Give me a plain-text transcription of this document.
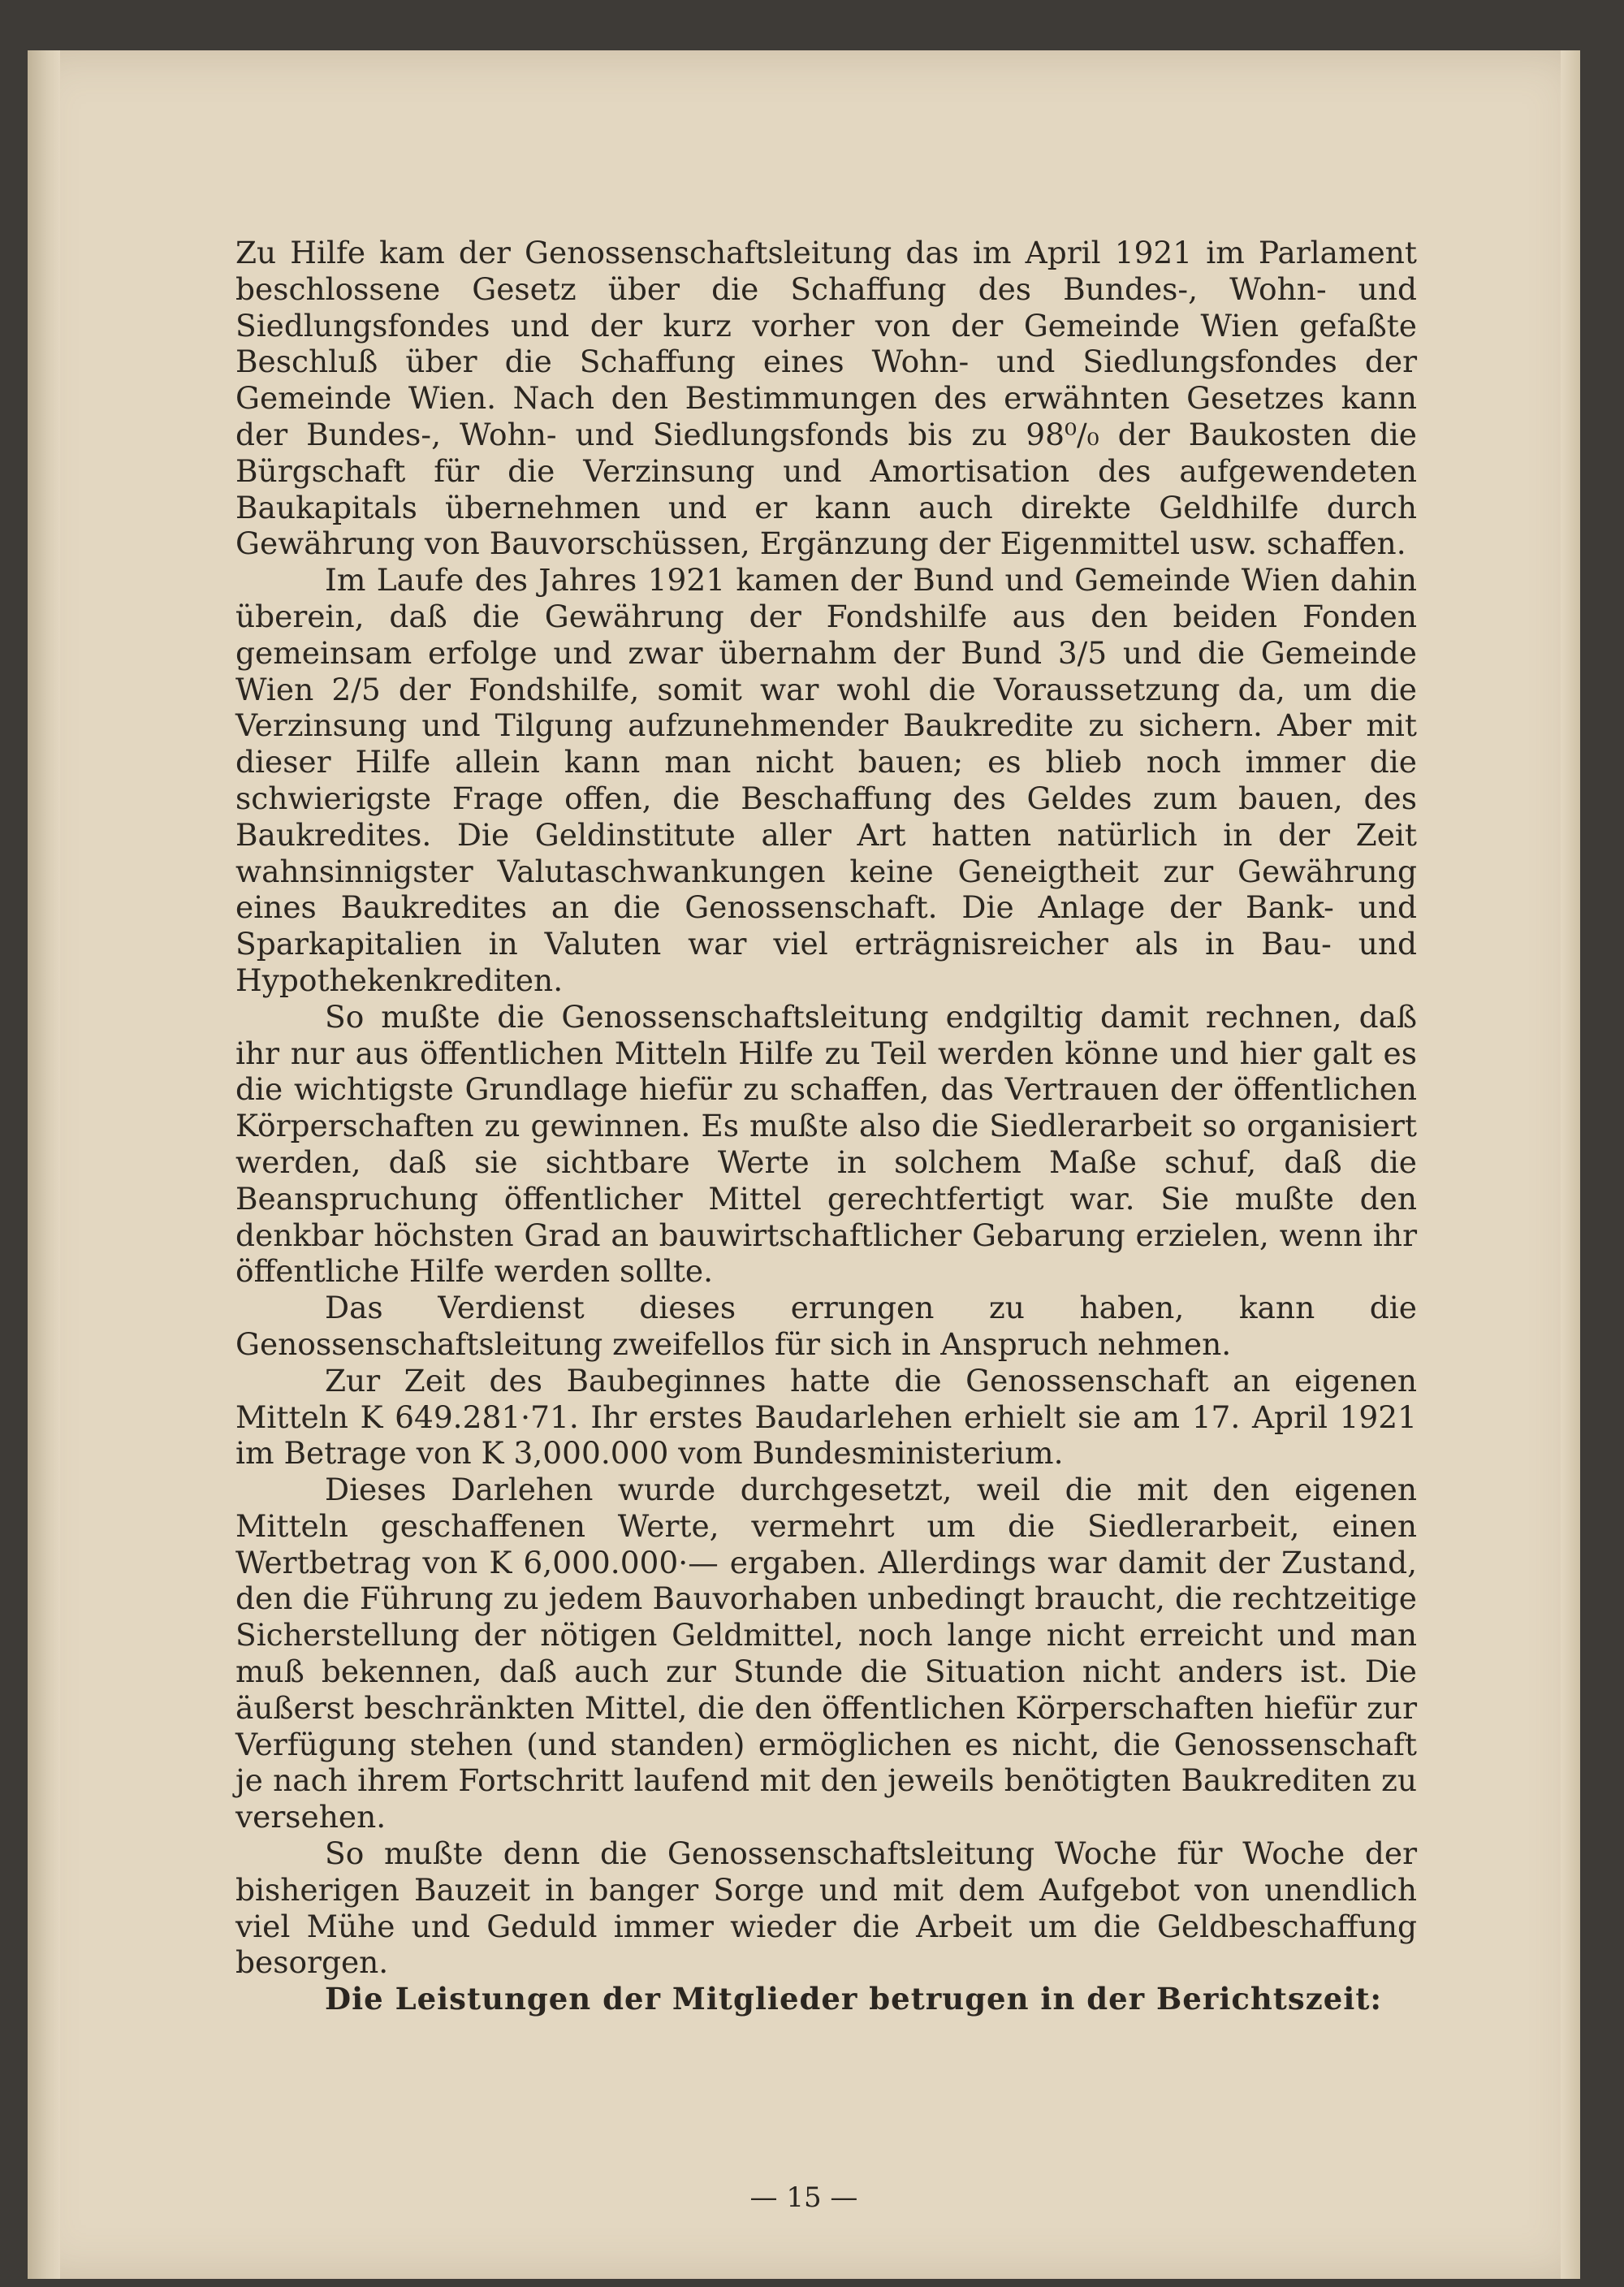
Zu Hilfe kam der Genossenschaftsleitung das im April 1921 im Parlament beschlossene Gesetz über die Schaffung des Bundes-, Wohn- und Siedlungsfondes und der kurz vorher von der Gemeinde Wien gefaßte Beschluß über die Schaffung eines Wohn- und Siedlungsfondes der Gemeinde Wien. Nach den Bestimmungen des erwähnten Gesetzes kann der Bundes-, Wohn- und Siedlungsfonds bis zu 98⁰/₀ der Baukosten die Bürgschaft für die Verzinsung und Amortisation des aufgewendeten Baukapitals übernehmen und er kann auch direkte Geldhilfe durch Gewährung von Bauvorschüssen, Ergänzung der Eigenmittel usw. schaffen.

Im Laufe des Jahres 1921 kamen der Bund und Gemeinde Wien dahin überein, daß die Gewährung der Fondshilfe aus den beiden Fonden gemeinsam erfolge und zwar übernahm der Bund 3/5 und die Gemeinde Wien 2/5 der Fondshilfe, somit war wohl die Voraussetzung da, um die Verzinsung und Tilgung aufzunehmender Baukredite zu sichern. Aber mit dieser Hilfe allein kann man nicht bauen; es blieb noch immer die schwierigste Frage offen, die Beschaffung des Geldes zum bauen, des Baukredites. Die Geldinstitute aller Art hatten natürlich in der Zeit wahnsinnigster Valutaschwankungen keine Geneigtheit zur Gewährung eines Baukredites an die Genossenschaft. Die Anlage der Bank- und Sparkapitalien in Valuten war viel erträgnisreicher als in Bau- und Hypothekenkrediten.

So mußte die Genossenschaftsleitung endgiltig damit rechnen, daß ihr nur aus öffentlichen Mitteln Hilfe zu Teil werden könne und hier galt es die wichtigste Grundlage hiefür zu schaffen, das Vertrauen der öffentlichen Körperschaften zu gewinnen. Es mußte also die Siedlerarbeit so organisiert werden, daß sie sichtbare Werte in solchem Maße schuf, daß die Beanspruchung öffentlicher Mittel gerechtfertigt war. Sie mußte den denkbar höchsten Grad an bauwirtschaftlicher Gebarung erzielen, wenn ihr öffentliche Hilfe werden sollte.

Das Verdienst dieses errungen zu haben, kann die Genossenschaftsleitung zweifellos für sich in Anspruch nehmen.

Zur Zeit des Baubeginnes hatte die Genossenschaft an eigenen Mitteln K 649.281·71. Ihr erstes Baudarlehen erhielt sie am 17. April 1921 im Betrage von K 3,000.000 vom Bundesministerium.

Dieses Darlehen wurde durchgesetzt, weil die mit den eigenen Mitteln geschaffenen Werte, vermehrt um die Siedlerarbeit, einen Wertbetrag von K 6,000.000·— ergaben. Allerdings war damit der Zustand, den die Führung zu jedem Bauvorhaben unbedingt braucht, die rechtzeitige Sicherstellung der nötigen Geldmittel, noch lange nicht erreicht und man muß bekennen, daß auch zur Stunde die Situation nicht anders ist. Die äußerst beschränkten Mittel, die den öffentlichen Körperschaften hiefür zur Verfügung stehen (und standen) ermöglichen es nicht, die Genossenschaft je nach ihrem Fortschritt laufend mit den jeweils benötigten Baukrediten zu versehen.

So mußte denn die Genossenschaftsleitung Woche für Woche der bisherigen Bauzeit in banger Sorge und mit dem Aufgebot von unendlich viel Mühe und Geduld immer wieder die Arbeit um die Geldbeschaffung besorgen.

Die Leistungen der Mitglieder betrugen in der Berichtszeit:

— 15 —
